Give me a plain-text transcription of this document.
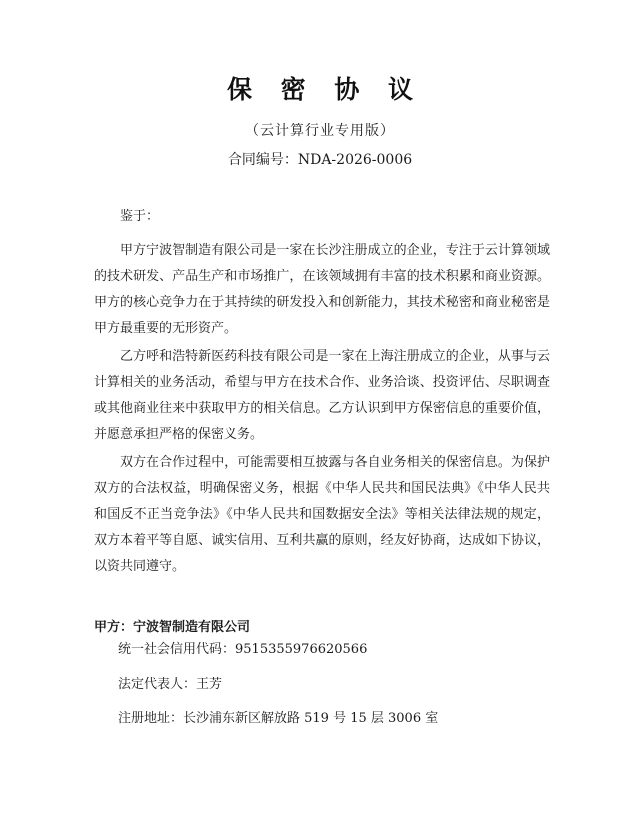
保 密 协 议
（云计算行业专用版）
合同编号：NDA-2026-0006
鉴于：
甲方宁波智制造有限公司是一家在长沙注册成立的企业，专注于云计算领域的技术研发、产品生产和市场推广，在该领域拥有丰富的技术积累和商业资源。甲方的核心竞争力在于其持续的研发投入和创新能力，其技术秘密和商业秘密是甲方最重要的无形资产。
乙方呼和浩特新医药科技有限公司是一家在上海注册成立的企业，从事与云计算相关的业务活动，希望与甲方在技术合作、业务洽谈、投资评估、尽职调查或其他商业往来中获取甲方的相关信息。乙方认识到甲方保密信息的重要价值，并愿意承担严格的保密义务。
双方在合作过程中，可能需要相互披露与各自业务相关的保密信息。为保护双方的合法权益，明确保密义务，根据《中华人民共和国民法典》《中华人民共和国反不正当竞争法》《中华人民共和国数据安全法》等相关法律法规的规定，双方本着平等自愿、诚实信用、互利共赢的原则，经友好协商，达成如下协议，以资共同遵守。
甲方：宁波智制造有限公司
统一社会信用代码：9515355976620566
法定代表人：王芳
注册地址：长沙浦东新区解放路 519 号 15 层 3006 室
